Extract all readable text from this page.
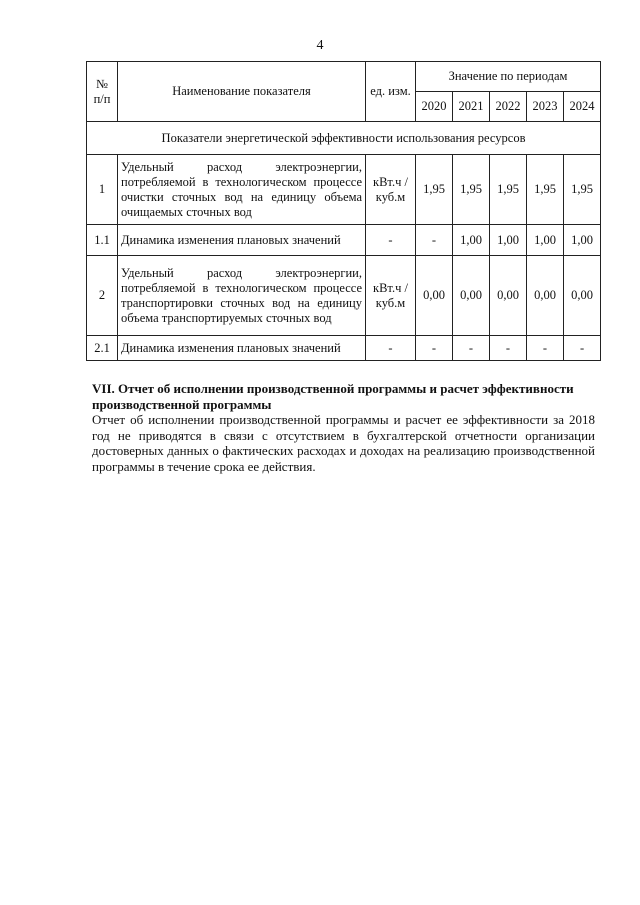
4
№ п/п	Наименование показателя	ед. изм.	Значение по периодам				
			2020	2021	2022	2023	2024
Показатели энергетической эффективности использования ресурсов							
1	Удельный расход электроэнергии, потребляемой в технологическом процессе очистки сточных вод на единицу объема очищаемых сточных вод	кВт.ч / куб.м	1,95	1,95	1,95	1,95	1,95
1.1	Динамика изменения плановых значений	-	-	1,00	1,00	1,00	1,00
2	Удельный расход электроэнергии, потребляемой в технологическом процессе транспортировки сточных вод на единицу объема транспортируемых сточных вод	кВт.ч / куб.м	0,00	0,00	0,00	0,00	0,00
2.1	Динамика изменения плановых значений	-	-	-	-	-	-

VII. Отчет об исполнении производственной программы и расчет эффективности производственной программы

Отчет об исполнении производственной программы и расчет ее эффективности за 2018 год не приводятся в связи с отсутствием в бухгалтерской отчетности организации достоверных данных о фактических расходах и доходах на реализацию производственной программы в течение срока ее действия.
